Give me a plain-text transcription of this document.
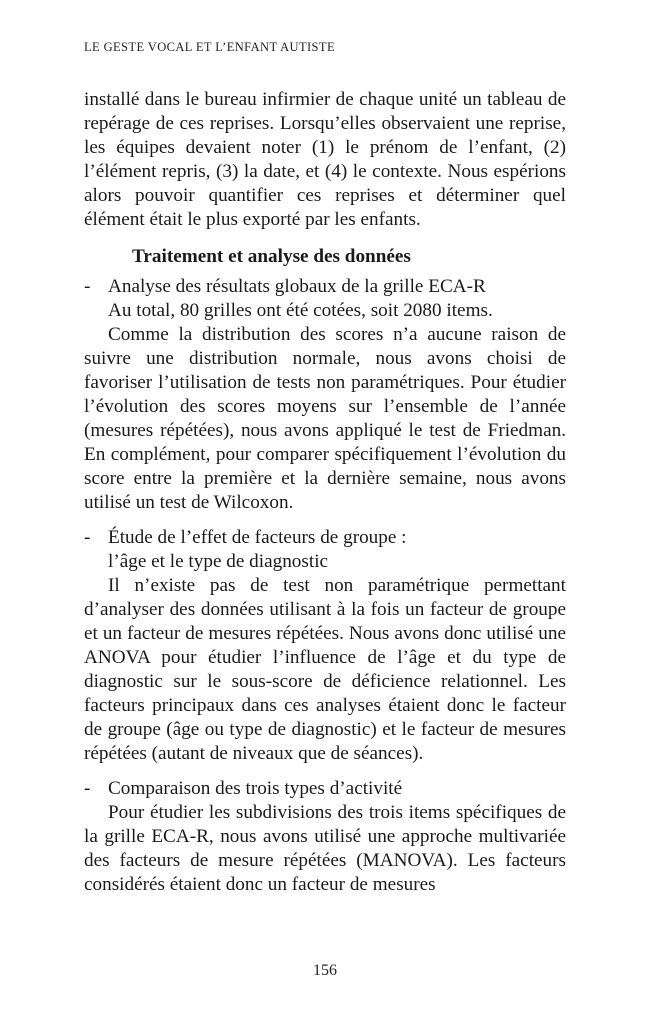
LE GESTE VOCAL ET L’ENFANT AUTISTE

installé dans le bureau infirmier de chaque unité un tableau de repérage de ces reprises. Lorsqu’elles observaient une reprise, les équipes devaient noter (1) le prénom de l’enfant, (2) l’élément repris, (3) la date, et (4) le contexte. Nous espérions alors pouvoir quantifier ces reprises et déterminer quel élément était le plus exporté par les enfants.

Traitement et analyse des données

- Analyse des résultats globaux de la grille ECA-R

Au total, 80 grilles ont été cotées, soit 2080 items.

Comme la distribution des scores n’a aucune raison de suivre une distribution normale, nous avons choisi de favoriser l’utilisation de tests non paramétriques. Pour étudier l’évolution des scores moyens sur l’ensemble de l’année (mesures répétées), nous avons appliqué le test de Friedman. En complément, pour comparer spécifiquement l’évolution du score entre la première et la dernière semaine, nous avons utilisé un test de Wilcoxon.

- Étude de l’effet de facteurs de groupe :

l’âge et le type de diagnostic

Il n’existe pas de test non paramétrique permettant d’analyser des données utilisant à la fois un facteur de groupe et un facteur de mesures répétées. Nous avons donc utilisé une ANOVA pour étudier l’influence de l’âge et du type de diagnostic sur le sous-score de déficience relationnel. Les facteurs principaux dans ces analyses étaient donc le facteur de groupe (âge ou type de diagnostic) et le facteur de mesures répétées (autant de niveaux que de séances).

- Comparaison des trois types d’activité

Pour étudier les subdivisions des trois items spécifiques de la grille ECA-R, nous avons utilisé une approche multivariée des facteurs de mesure répétées (MANOVA). Les facteurs considérés étaient donc un facteur de mesures

156
